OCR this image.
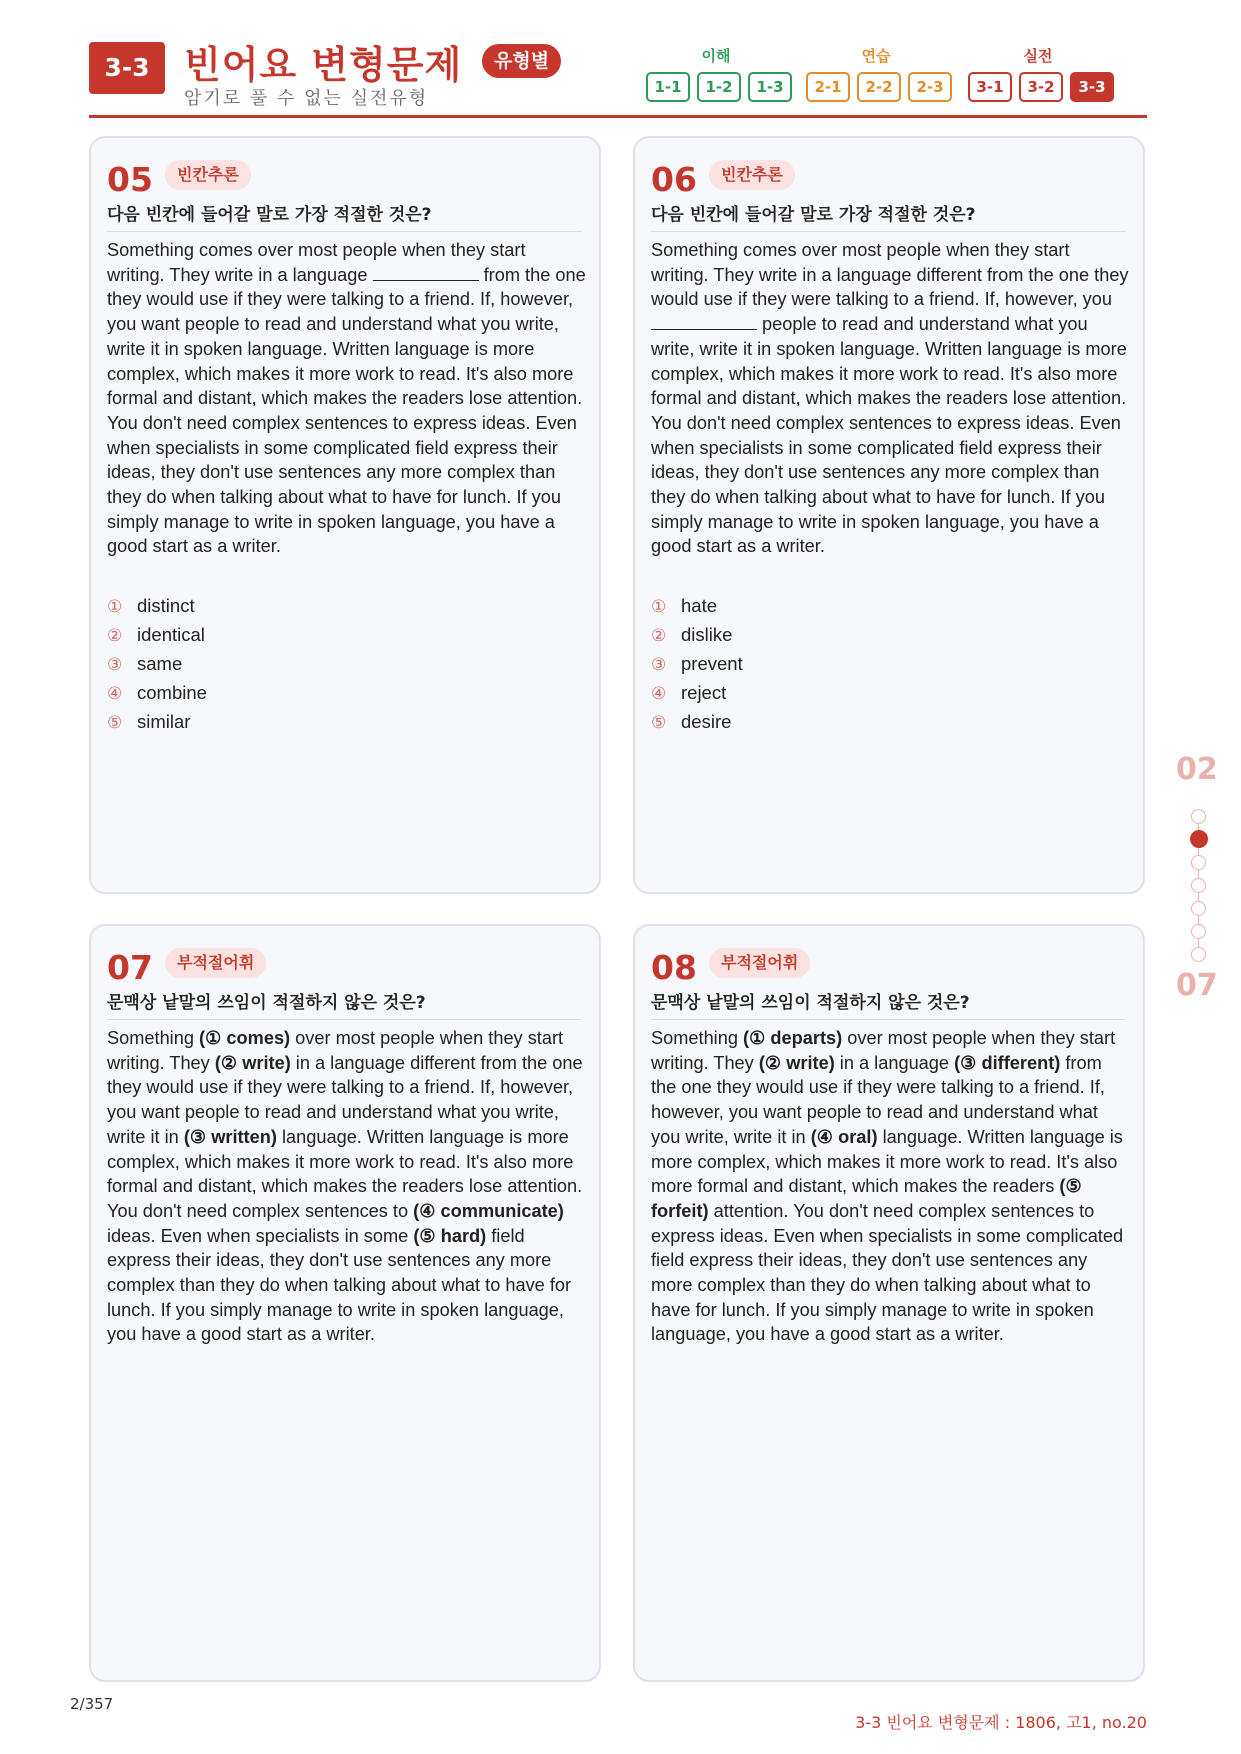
3-3 빈어요 변형문제	유형별
암기로 풀 수 없는 실전유형
이해
1-1	1-2	1-3
연습
2-1	2-2	2-3
실전
3-1	3-2	3-3
05	빈칸추론
다음 빈칸에 들어갈 말로 가장 적절한 것은?
Something comes over most people when they start writing. They write in a language	from the one they would use if they were talking to a friend. If, however, you want people to read and understand what you write, write it in spoken language. Written language is more complex, which makes it more work to read. It's also more formal and distant, which makes the readers lose attention. You don't need complex sentences to express ideas. Even when specialists in some complicated field express their ideas, they don't use sentences any more complex than they do when talking about what to have for lunch. If you simply manage to write in spoken language, you have a good start as a writer.
① distinct
② identical
③ same
④ combine
⑤ similar
06	빈칸추론
다음 빈칸에 들어갈 말로 가장 적절한 것은?
Something comes over most people when they start writing. They write in a language different from the one they would use if they were talking to a friend. If, however, you  people to read and understand what you write, write it in spoken language. Written language is more complex, which makes it more work to read. It's also more formal and distant, which makes the readers lose attention. You don't need complex sentences to express ideas. Even when specialists in some complicated field express their ideas, they don't use sentences any more complex than they do when talking about what to have for lunch. If you simply manage to write in spoken language, you have a good start as a writer.
① hate
② dislike
③ prevent
④ reject
⑤ desire
07	부적절어휘
문맥상 낱말의 쓰임이 적절하지 않은 것은?
Something (① comes) over most people when they start writing. They (② write) in a language different from the one they would use if they were talking to a friend. If, however, you want people to read and understand what you write, write it in (③ written) language. Written language is more complex, which makes it more work to read. It's also more formal and distant, which makes the readers lose attention. You don't need complex sentences to (④ communicate) ideas. Even when specialists in some (⑤ hard) field express their ideas, they don't use sentences any more complex than they do when talking about what to have for lunch. If you simply manage to write in spoken language, you have a good start as a writer.
08	부적절어휘
문맥상 낱말의 쓰임이 적절하지 않은 것은?
Something (① departs) over most people when they start writing. They (② write) in a language (③ different) from the one they would use if they were talking to a friend. If, however, you want people to read and understand what you write, write it in (④ oral) language. Written language is more complex, which makes it more work to read. It's also more formal and distant, which makes the readers (⑤ forfeit) attention. You don't need complex sentences to express ideas. Even when specialists in some complicated field express their ideas, they don't use sentences any more complex than they do when talking about what to have for lunch. If you simply manage to write in spoken language, you have a good start as a writer.
02
07
2/357
3-3 빈어요 변형문제 : 1806, 고1, no.20
